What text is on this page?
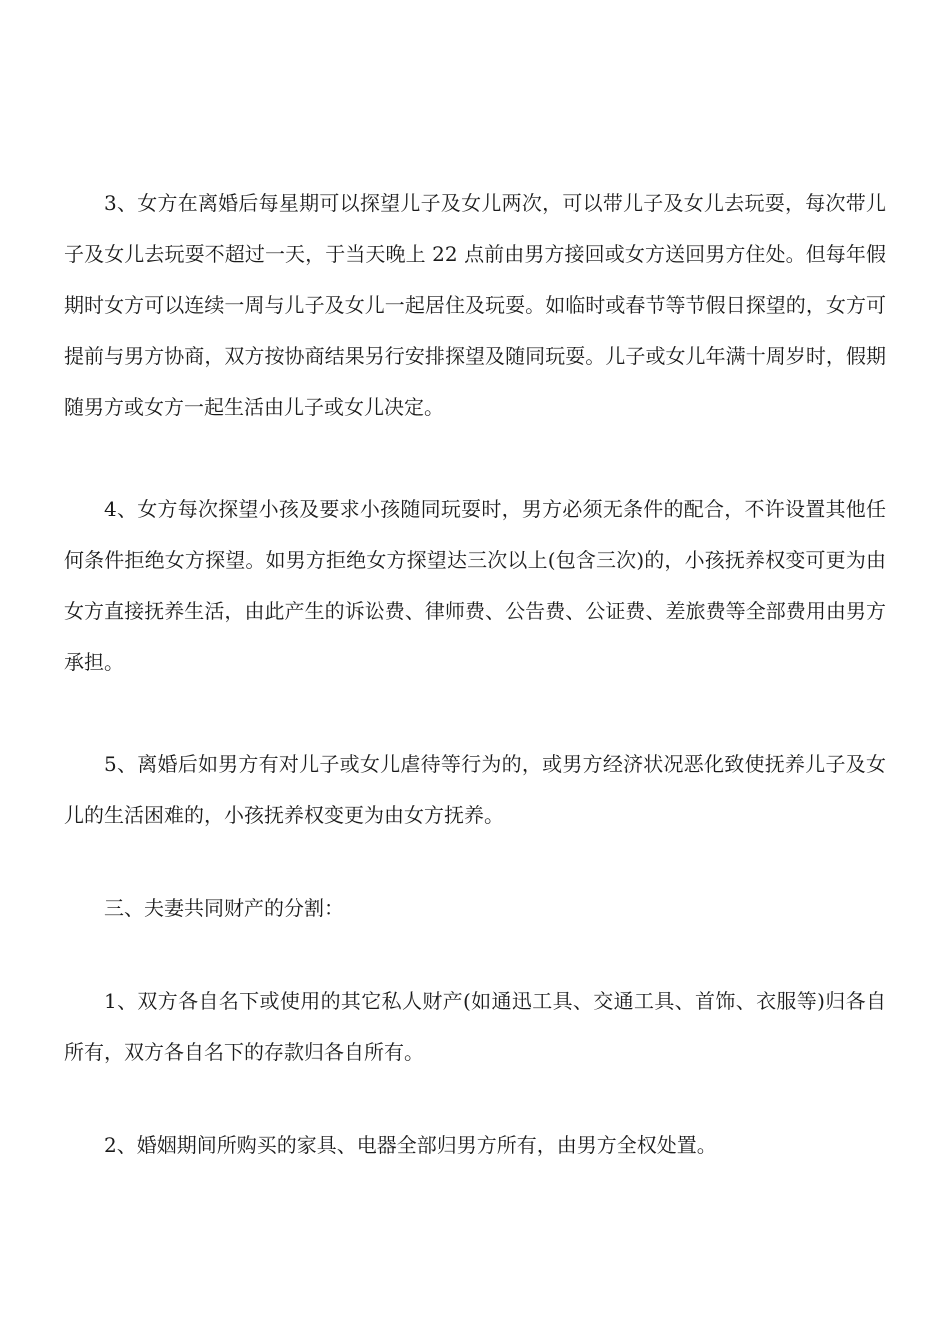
3、女方在离婚后每星期可以探望儿子及女儿两次，可以带儿子及女儿去玩耍，每次带儿子及女儿去玩耍不超过一天，于当天晚上 22 点前由男方接回或女方送回男方住处。但每年假期时女方可以连续一周与儿子及女儿一起居住及玩耍。如临时或春节等节假日探望的，女方可提前与男方协商，双方按协商结果另行安排探望及随同玩耍。儿子或女儿年满十周岁时，假期随男方或女方一起生活由儿子或女儿决定。

4、女方每次探望小孩及要求小孩随同玩耍时，男方必须无条件的配合，不许设置其他任何条件拒绝女方探望。如男方拒绝女方探望达三次以上(包含三次)的，小孩抚养权变可更为由女方直接抚养生活，由此产生的诉讼费、律师费、公告费、公证费、差旅费等全部费用由男方承担。

5、离婚后如男方有对儿子或女儿虐待等行为的，或男方经济状况恶化致使抚养儿子及女儿的生活困难的，小孩抚养权变更为由女方抚养。

三、夫妻共同财产的分割：

1、双方各自名下或使用的其它私人财产(如通迅工具、交通工具、首饰、衣服等)归各自所有，双方各自名下的存款归各自所有。

2、婚姻期间所购买的家具、电器全部归男方所有，由男方全权处置。
